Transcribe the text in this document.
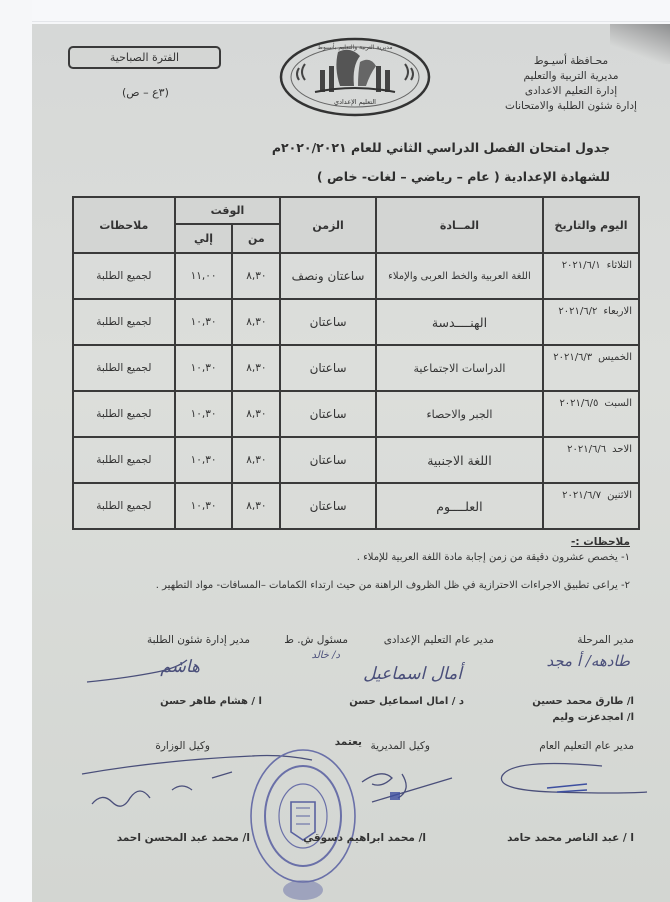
محـافظة أسيـوط
مديرية التربية والتعليم
إدارة التعليم الاعدادى
إدارة شئون الطلبة والامتحانات
مديرية التربية والتعليم بأسيوط
التعليم الإعدادي
الفترة الصباحية
(٣ع – ص)
جدول امتحان الفصل الدراسي الثاني للعام ٢٠٢٠/٢٠٢١م
للشهادة الإعدادية ( عام – رياضي – لغات- خاص )
اليوم والتاريخ	المــادة	الزمن	الوقت		ملاحظات
			من	إلي	
الثلاثاء٢٠٢١/٦/١	اللغة العربية والخط العربى والإملاء	ساعتان ونصف	٨,٣٠	١١,٠٠	لجميع الطلبة
الاربعاء٢٠٢١/٦/٢	الهنــــدسة	ساعتان	٨,٣٠	١٠,٣٠	لجميع الطلبة
الخميس٢٠٢١/٦/٣	الدراسات الاجتماعية	ساعتان	٨,٣٠	١٠,٣٠	لجميع الطلبة
السبت٢٠٢١/٦/٥	الجبر والاحصاء	ساعتان	٨,٣٠	١٠,٣٠	لجميع الطلبة
الاحد٢٠٢١/٦/٦	اللغة الاجنبية	ساعتان	٨,٣٠	١٠,٣٠	لجميع الطلبة
الاثنين٢٠٢١/٦/٧	العلــــوم	ساعتان	٨,٣٠	١٠,٣٠	لجميع الطلبة
ملاحظات :-
١- يخصص عشرون دقيقة من زمن إجابة مادة اللغة العربية للإملاء .
٢- يراعى تطبيق الاجراءات الاحترازية في ظل الظروف الراهنة من حيث ارتداء الكمامات –المسافات- مواد التطهير .
مدير المرحلة
مدير عام التعليم الإعدادى
مسئول ش. ط
مدير إدارة شئون الطلبة
طادهه/ أ مجد
أمال اسماعيل
د/ خالد
هاشم
ا/ طارق محمد حسين
ا/ امجدعزت وليم
د / امال اسماعيل حسن
ا / هشام طاهر حسن
مدير عام التعليم العام
وكيل المديرية
يعتمد
وكيل الوزارة
ا / عبد الناصر محمد حامد
ا/ محمد ابراهيم دسوقي
ا/ محمد عبد المحسن احمد
